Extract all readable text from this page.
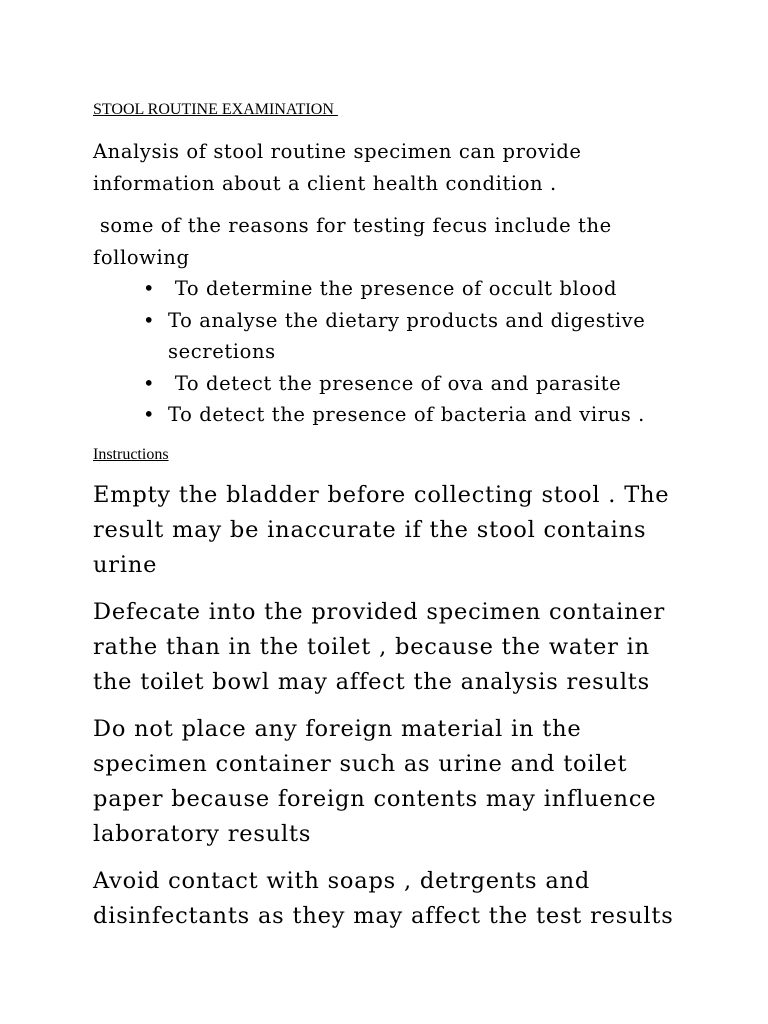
STOOL ROUTINE EXAMINATION

Analysis of stool routine specimen can provide information about a client health condition .

some of the reasons for testing fecus include the following

• To determine the presence of occult blood
• To analyse the dietary products and digestive secretions
• To detect the presence of ova and parasite
• To detect the presence of bacteria and virus .

Instructions

Empty the bladder before collecting stool . The result may be inaccurate if the stool contains urine

Defecate into the provided specimen container rathe than in the toilet , because the water in the toilet bowl may affect the analysis results

Do not place any foreign material in the specimen container such as urine and toilet paper because foreign contents may influence laboratory results

Avoid contact with soaps , detrgents and disinfectants as they may affect the test results
